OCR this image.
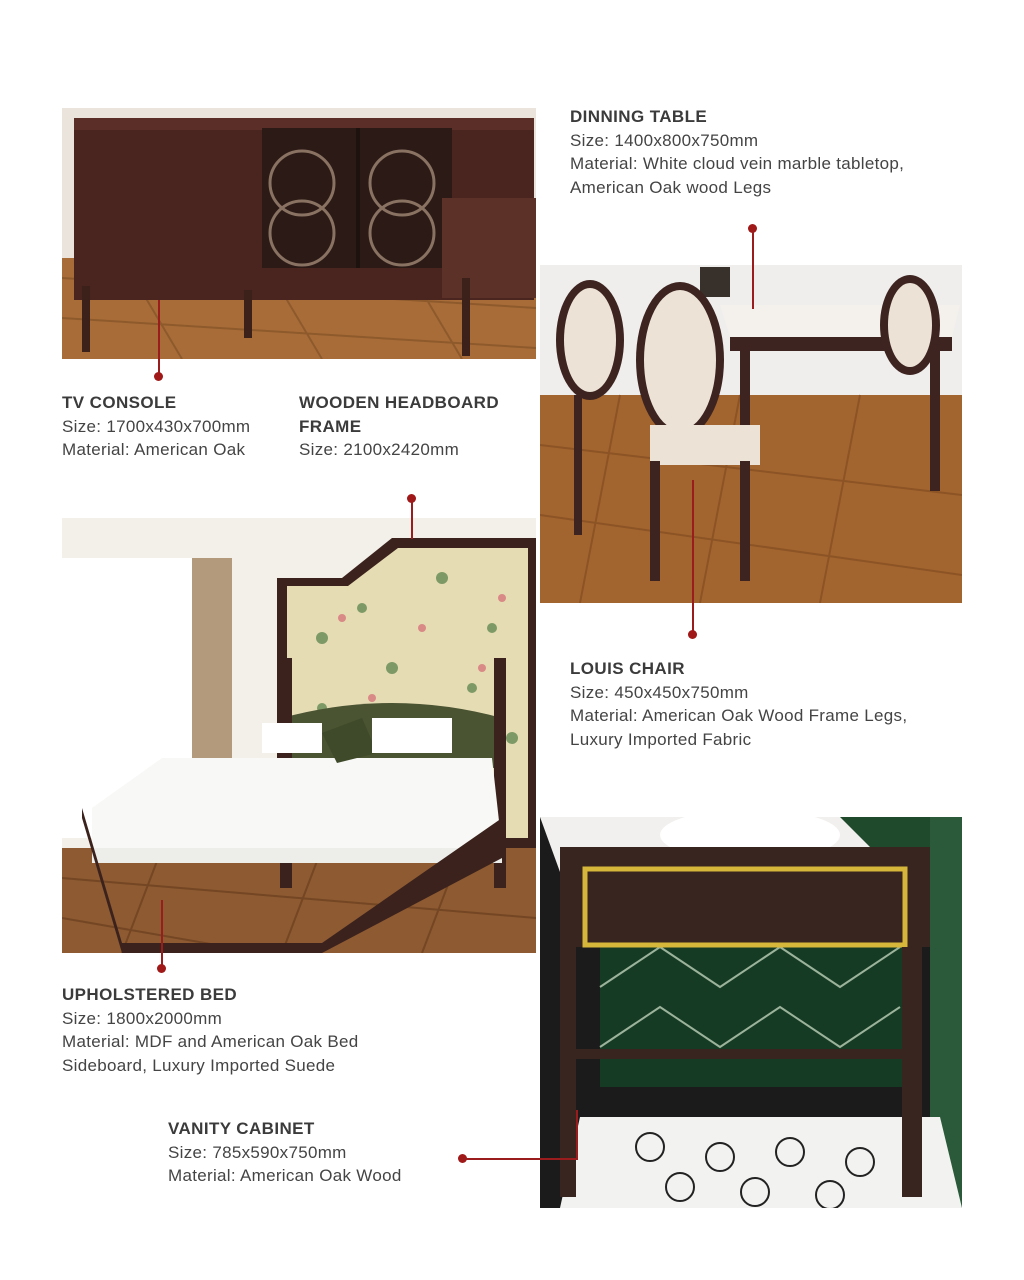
TV CONSOLE
Size: 1700x430x700mm
Material: American Oak
WOODEN HEADBOARD FRAME
Size: 2100x2420mm
DINNING TABLE
Size: 1400x800x750mm
Material: White cloud vein marble tabletop,
American Oak wood Legs
LOUIS CHAIR
Size: 450x450x750mm
Material: American Oak Wood Frame Legs,
Luxury Imported Fabric
UPHOLSTERED BED
Size: 1800x2000mm
Material: MDF and American Oak Bed
Sideboard, Luxury Imported Suede
VANITY CABINET
Size: 785x590x750mm
Material: American Oak Wood
